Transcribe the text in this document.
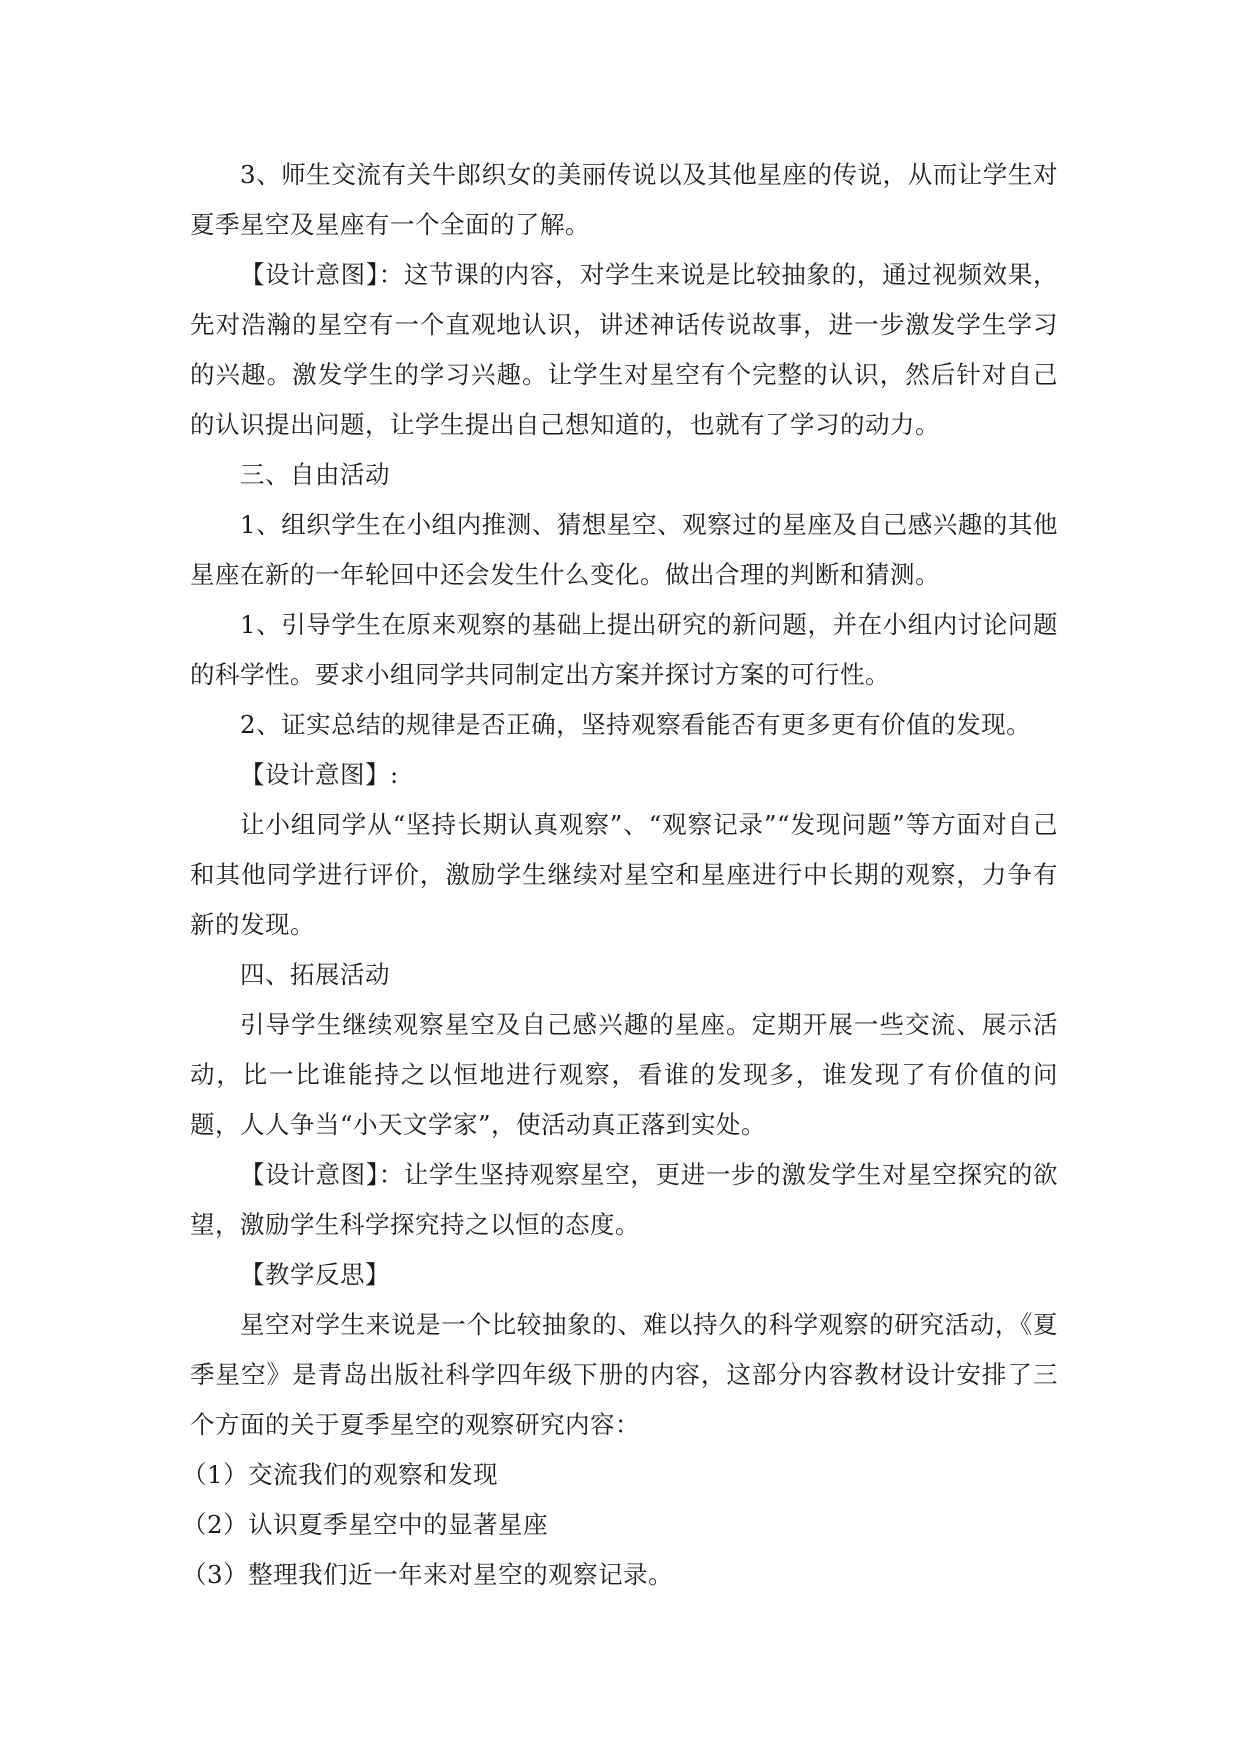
3、师生交流有关牛郎织女的美丽传说以及其他星座的传说，从而让学生对夏季星空及星座有一个全面的了解。

【设计意图】：这节课的内容，对学生来说是比较抽象的，通过视频效果，先对浩瀚的星空有一个直观地认识，讲述神话传说故事，进一步激发学生学习的兴趣。激发学生的学习兴趣。让学生对星空有个完整的认识，然后针对自己的认识提出问题，让学生提出自己想知道的，也就有了学习的动力。

三、自由活动

1、组织学生在小组内推测、猜想星空、观察过的星座及自己感兴趣的其他星座在新的一年轮回中还会发生什么变化。做出合理的判断和猜测。

1、引导学生在原来观察的基础上提出研究的新问题，并在小组内讨论问题的科学性。要求小组同学共同制定出方案并探讨方案的可行性。

2、证实总结的规律是否正确，坚持观察看能否有更多更有价值的发现。

【设计意图】:

让小组同学从“坚持长期认真观察”、“观察记录”“发现问题”等方面对自己和其他同学进行评价，激励学生继续对星空和星座进行中长期的观察，力争有新的发现。

四、拓展活动

引导学生继续观察星空及自己感兴趣的星座。定期开展一些交流、展示活动，比一比谁能持之以恒地进行观察，看谁的发现多，谁发现了有价值的问题，人人争当“小天文学家”，使活动真正落到实处。

【设计意图】：让学生坚持观察星空，更进一步的激发学生对星空探究的欲望，激励学生科学探究持之以恒的态度。

【教学反思】

星空对学生来说是一个比较抽象的、难以持久的科学观察的研究活动，《夏季星空》是青岛出版社科学四年级下册的内容，这部分内容教材设计安排了三个方面的关于夏季星空的观察研究内容：

（1）交流我们的观察和发现

（2）认识夏季星空中的显著星座

（3）整理我们近一年来对星空的观察记录。
